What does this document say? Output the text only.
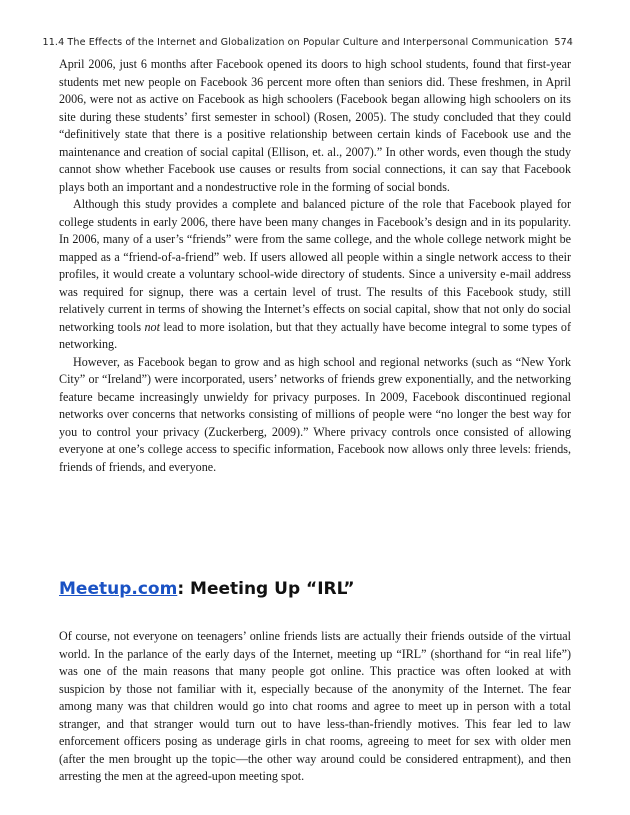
11.4 The Effects of the Internet and Globalization on Popular Culture and Interpersonal Communication 574

April 2006, just 6 months after Facebook opened its doors to high school students, found that first-year students met new people on Facebook 36 percent more often than seniors did. These freshmen, in April 2006, were not as active on Facebook as high schoolers (Facebook began allowing high schoolers on its site during these students’ first semester in school) (Rosen, 2005). The study concluded that they could “definitively state that there is a positive relationship between certain kinds of Facebook use and the maintenance and creation of social capital (Ellison, et. al., 2007).” In other words, even though the study cannot show whether Facebook use causes or results from social connections, it can say that Facebook plays both an important and a nondestructive role in the forming of social bonds.

Although this study provides a complete and balanced picture of the role that Facebook played for college students in early 2006, there have been many changes in Facebook’s design and in its popularity. In 2006, many of a user’s “friends” were from the same college, and the whole college network might be mapped as a “friend-of-a-friend” web. If users allowed all people within a single network access to their profiles, it would create a voluntary school-wide directory of students. Since a university e-mail address was required for signup, there was a certain level of trust. The results of this Facebook study, still relatively current in terms of showing the Internet’s effects on social capital, show that not only do social networking tools not lead to more isolation, but that they actually have become integral to some types of networking.

However, as Facebook began to grow and as high school and regional networks (such as “New York City” or “Ireland”) were incorporated, users’ networks of friends grew exponentially, and the networking feature became increasingly unwieldy for privacy purposes. In 2009, Facebook discontinued regional networks over concerns that networks consisting of millions of people were “no longer the best way for you to control your privacy (Zuckerberg, 2009).” Where privacy controls once consisted of allowing everyone at one’s college access to specific information, Facebook now allows only three levels: friends, friends of friends, and everyone.

Meetup.com: Meeting Up “IRL”

Of course, not everyone on teenagers’ online friends lists are actually their friends outside of the virtual world. In the parlance of the early days of the Internet, meeting up “IRL” (shorthand for “in real life”) was one of the main reasons that many people got online. This practice was often looked at with suspicion by those not familiar with it, especially because of the anonymity of the Internet. The fear among many was that children would go into chat rooms and agree to meet up in person with a total stranger, and that stranger would turn out to have less-than-friendly motives. This fear led to law enforcement officers posing as underage girls in chat rooms, agreeing to meet for sex with older men (after the men brought up the topic—the other way around could be considered entrapment), and then arresting the men at the agreed-upon meeting spot.
